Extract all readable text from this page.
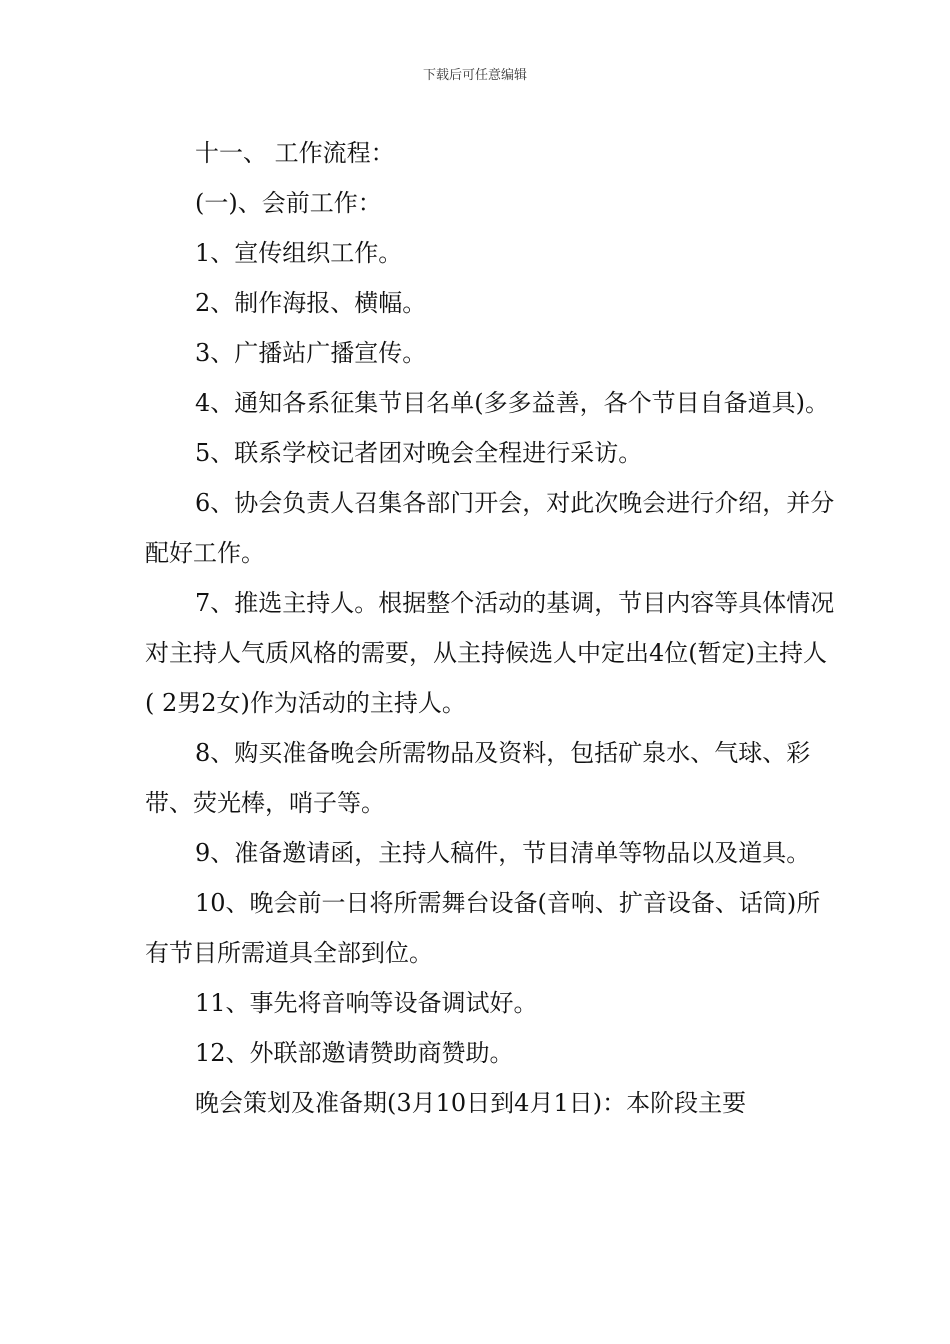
下载后可任意编辑

十一、 工作流程：

(一)、会前工作：

1、宣传组织工作。

2、制作海报、横幅。

3、广播站广播宣传。

4、通知各系征集节目名单(多多益善，各个节目自备道具)。

5、联系学校记者团对晚会全程进行采访。

6、协会负责人召集各部门开会，对此次晚会进行介绍，并分配好工作。

7、推选主持人。根据整个活动的基调，节目内容等具体情况对主持人气质风格的需要，从主持候选人中定出4位(暂定)主持人( 2男2女)作为活动的主持人。

8、购买准备晚会所需物品及资料，包括矿泉水、气球、彩带、荧光棒，哨子等。

9、准备邀请函，主持人稿件，节目清单等物品以及道具。

10、晚会前一日将所需舞台设备(音响、扩音设备、话筒)所有节目所需道具全部到位。

11、事先将音响等设备调试好。

12、外联部邀请赞助商赞助。

晚会策划及准备期(3月10日到4月1日)：本阶段主要
